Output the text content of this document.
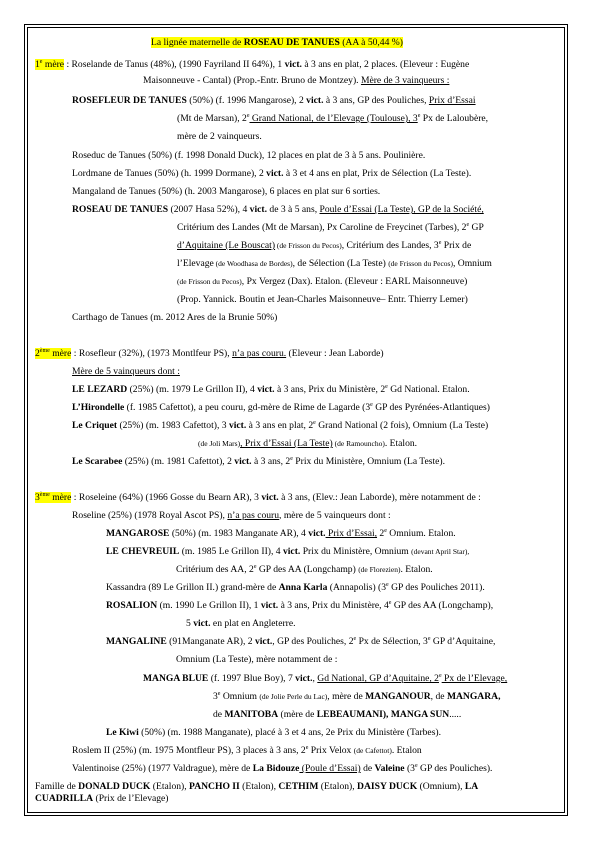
La lignée maternelle de ROSEAU DE TANUES (AA à 50,44 %)
1e mère : Roselande de Tanus (48%), (1990 Fayriland II 64%), 1 vict. à 3 ans en plat, 2 places. (Eleveur : Eugène
Maisonneuve - Cantal) (Prop.-Entr. Bruno de Montzey). Mère de 3 vainqueurs :
ROSEFLEUR DE TANUES (50%) (f. 1996 Mangarose), 2 vict. à 3 ans, GP des Pouliches, Prix d’Essai
(Mt de Marsan), 2e Grand National, de l’Elevage (Toulouse), 3e Px de Laloubère,
mère de 2 vainqueurs.
Roseduc de Tanues (50%) (f. 1998 Donald Duck), 12 places en plat de 3 à 5 ans. Poulinière.
Lordmane de Tanues (50%) (h. 1999 Dormane), 2 vict. à 3 et 4 ans en plat, Prix de Sélection (La Teste).
Mangaland de Tanues (50%) (h. 2003 Mangarose), 6 places en plat sur 6 sorties.
ROSEAU DE TANUES (2007 Hasa 52%), 4 vict. de 3 à 5 ans, Poule d’Essai (La Teste), GP de la Société,
Critérium des Landes (Mt de Marsan), Px Caroline de Freycinet (Tarbes), 2e GP
d’Aquitaine (Le Bouscat) (de Frisson du Pecos), Critérium des Landes, 3e Prix de
l’Elevage (de Woodhasa de Bordes), de Sélection (La Teste) (de Frisson du Pecos), Omnium
(de Frisson du Pecos), Px Vergez (Dax). Etalon. (Eleveur : EARL Maisonneuve)
(Prop. Yannick. Boutin et Jean-Charles Maisonneuve– Entr. Thierry Lemer)
Carthago de Tanues (m. 2012 Ares de la Brunie 50%)
2ème mère : Rosefleur (32%), (1973 Montlfeur PS), n’a pas couru. (Eleveur : Jean Laborde)
Mère de 5 vainqueurs dont :
LE LEZARD (25%) (m. 1979 Le Grillon II), 4 vict. à 3 ans, Prix du Ministère, 2e Gd National. Etalon.
L’Hirondelle (f. 1985 Cafettot), a peu couru, gd-mère de Rime de Lagarde (3e GP des Pyrénées-Atlantiques)
Le Criquet (25%) (m. 1983 Cafettot), 3 vict. à 3 ans en plat, 2e Grand National (2 fois), Omnium (La Teste)
(de Joli Mars), Prix d’Essai (La Teste) (de Ramouncho). Etalon.
Le Scarabee (25%) (m. 1981 Cafettot), 2 vict. à 3 ans, 2e Prix du Ministère, Omnium (La Teste).
3ème mère : Roseleine (64%) (1966 Gosse du Bearn AR), 3 vict. à 3 ans, (Elev.: Jean Laborde), mère notamment de :
Roseline (25%) (1978 Royal Ascot PS), n’a pas couru, mère de 5 vainqueurs dont :
MANGAROSE (50%) (m. 1983 Manganate AR), 4 vict. Prix d’Essai, 2e Omnium. Etalon.
LE CHEVREUIL (m. 1985 Le Grillon II), 4 vict. Prix du Ministère, Omnium (devant April Star),
Critérium des AA, 2e GP des AA (Longchamp) (de Florezien). Etalon.
Kassandra (89 Le Grillon II.) grand-mère de Anna Karla (Annapolis) (3e GP des Pouliches 2011).
ROSALION (m. 1990 Le Grillon II), 1 vict. à 3 ans, Prix du Ministère, 4e GP des AA (Longchamp),
5 vict. en plat en Angleterre.
MANGALINE (91Manganate AR), 2 vict., GP des Pouliches, 2e Px de Sélection, 3e GP d’Aquitaine,
Omnium (La Teste), mère notamment de :
MANGA BLUE (f. 1997 Blue Boy), 7 vict., Gd National, GP d’Aquitaine, 2e Px de l’Elevage,
3e Omnium (de Jolie Perle du Lac), mère de MANGANOUR, de MANGARA,
de MANITOBA (mère de LEBEAUMANI), MANGA SUN.....
Le Kiwi (50%) (m. 1988 Manganate), placé à 3 et 4 ans, 2e Prix du Ministère (Tarbes).
Roslem II (25%) (m. 1975 Montfleur PS), 3 places à 3 ans, 2e Prix Velox (de Cafettot). Etalon
Valentinoise (25%) (1977 Valdrague), mère de La Bidouze (Poule d’Essai) de Valeine (3e GP des Pouliches).
Famille de DONALD DUCK (Etalon), PANCHO II (Etalon), CETHIM (Etalon), DAISY DUCK (Omnium), LA
CUADRILLA (Prix de l’Elevage)
